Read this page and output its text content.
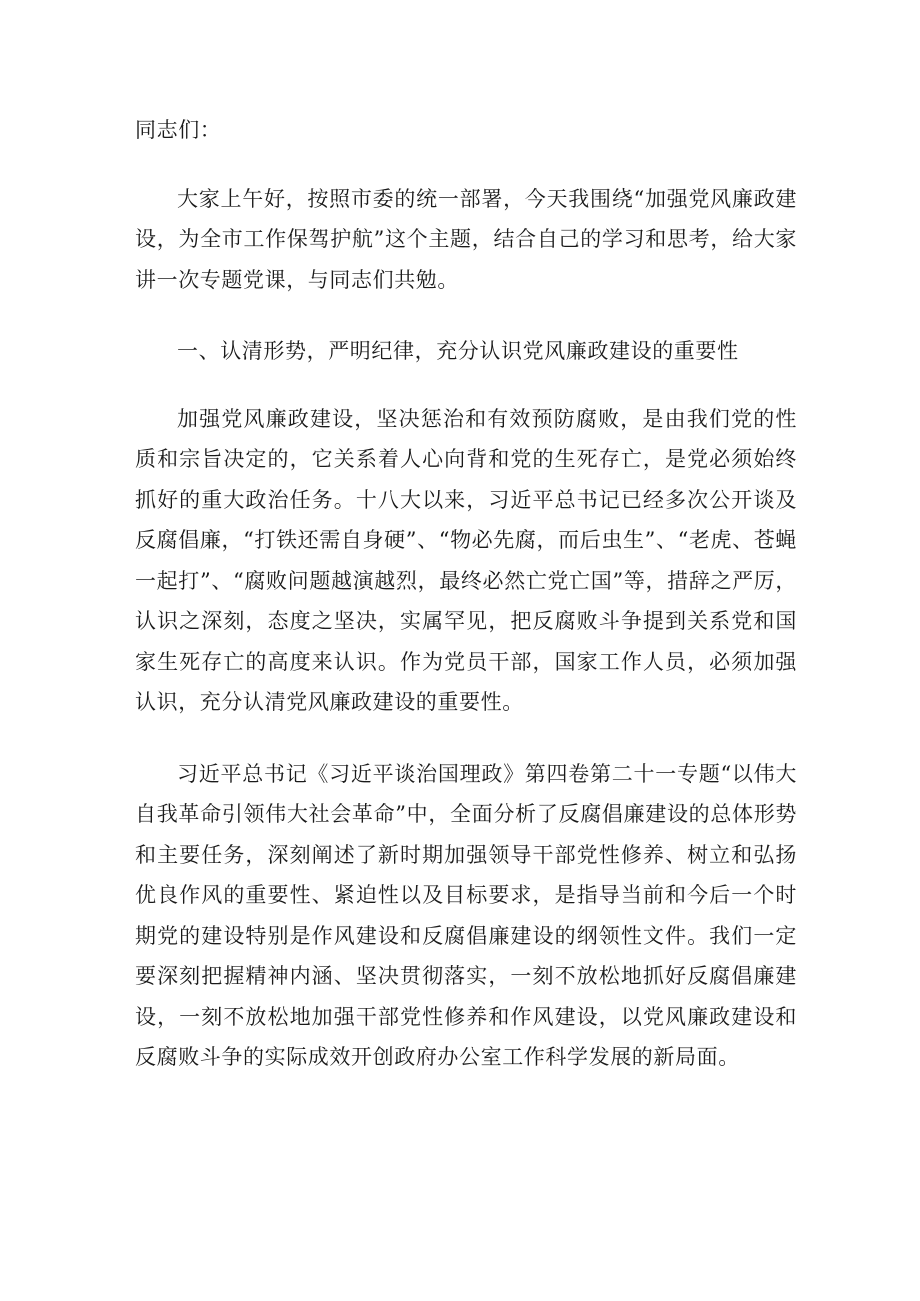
同志们：

大家上午好，按照市委的统一部署，今天我围绕“加强党风廉政建设，为全市工作保驾护航”这个主题，结合自己的学习和思考，给大家讲一次专题党课，与同志们共勉。

一、认清形势，严明纪律，充分认识党风廉政建设的重要性

加强党风廉政建设，坚决惩治和有效预防腐败，是由我们党的性质和宗旨决定的，它关系着人心向背和党的生死存亡，是党必须始终抓好的重大政治任务。十八大以来，习近平总书记已经多次公开谈及反腐倡廉，“打铁还需自身硬”、“物必先腐，而后虫生”、“老虎、苍蝇一起打”、“腐败问题越演越烈，最终必然亡党亡国”等，措辞之严厉，认识之深刻，态度之坚决，实属罕见，把反腐败斗争提到关系党和国家生死存亡的高度来认识。作为党员干部，国家工作人员，必须加强认识，充分认清党风廉政建设的重要性。

习近平总书记《习近平谈治国理政》第四卷第二十一专题“以伟大自我革命引领伟大社会革命”中，全面分析了反腐倡廉建设的总体形势和主要任务，深刻阐述了新时期加强领导干部党性修养、树立和弘扬优良作风的重要性、紧迫性以及目标要求，是指导当前和今后一个时期党的建设特别是作风建设和反腐倡廉建设的纲领性文件。我们一定要深刻把握精神内涵、坚决贯彻落实，一刻不放松地抓好反腐倡廉建设，一刻不放松地加强干部党性修养和作风建设，以党风廉政建设和反腐败斗争的实际成效开创政府办公室工作科学发展的新局面。
